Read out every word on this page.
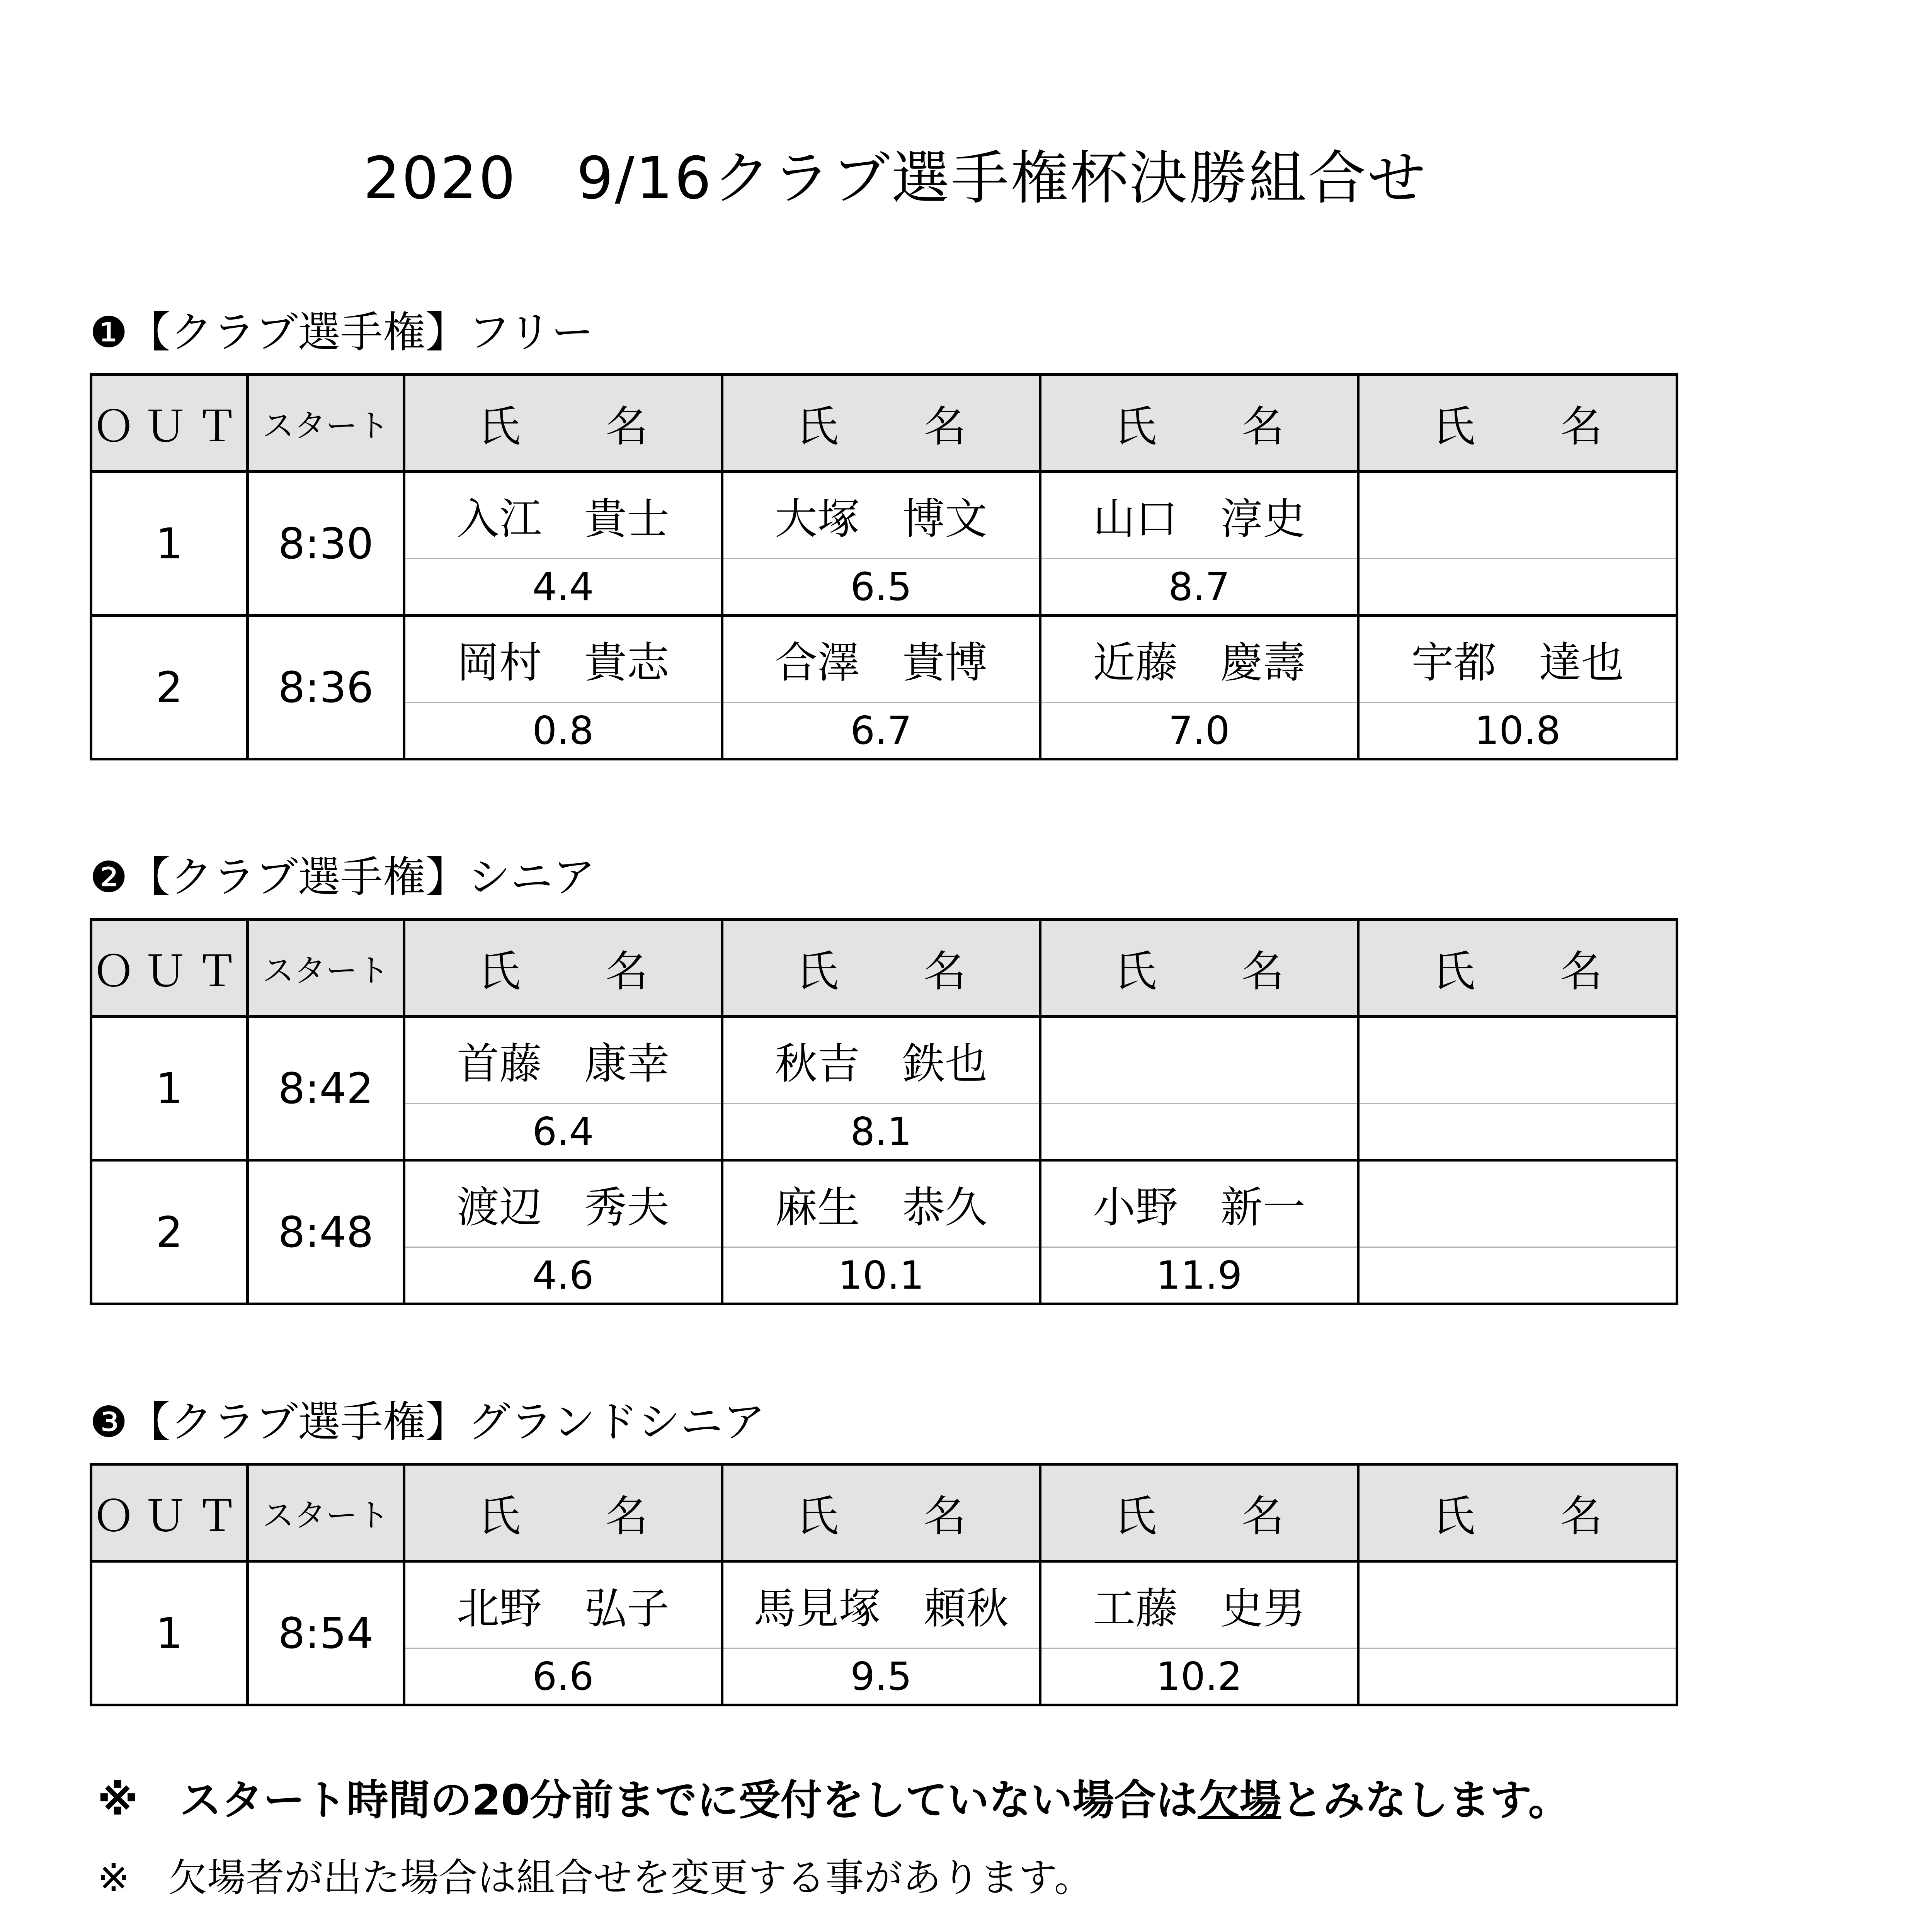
2020　9/16クラブ選手権杯決勝組合せ
❶【クラブ選手権】フリー
ＯＵＴ	スタート	氏　　名	氏　　名	氏　　名	氏　　名
1	8:30	入江　貴士	大塚　博文	山口　淳史	
		4.4	6.5	8.7	
2	8:36	岡村　貴志	合澤　貴博	近藤　慶壽	宇都　達也
		0.8	6.7	7.0	10.8
❷【クラブ選手権】シニア
ＯＵＴ	スタート	氏　　名	氏　　名	氏　　名	氏　　名
1	8:42	首藤　康幸	秋吉　鉄也		
		6.4	8.1		
2	8:48	渡辺　秀夫	麻生　恭久	小野　新一	
		4.6	10.1	11.9	
❸【クラブ選手権】グランドシニア
ＯＵＴ	スタート	氏　　名	氏　　名	氏　　名	氏　　名
1	8:54	北野　弘子	馬見塚　頼秋	工藤　史男	
		6.6	9.5	10.2	
※　スタート時間の20分前までに受付をしていない場合は欠場とみなします。
※　欠場者が出た場合は組合せを変更する事があります。
